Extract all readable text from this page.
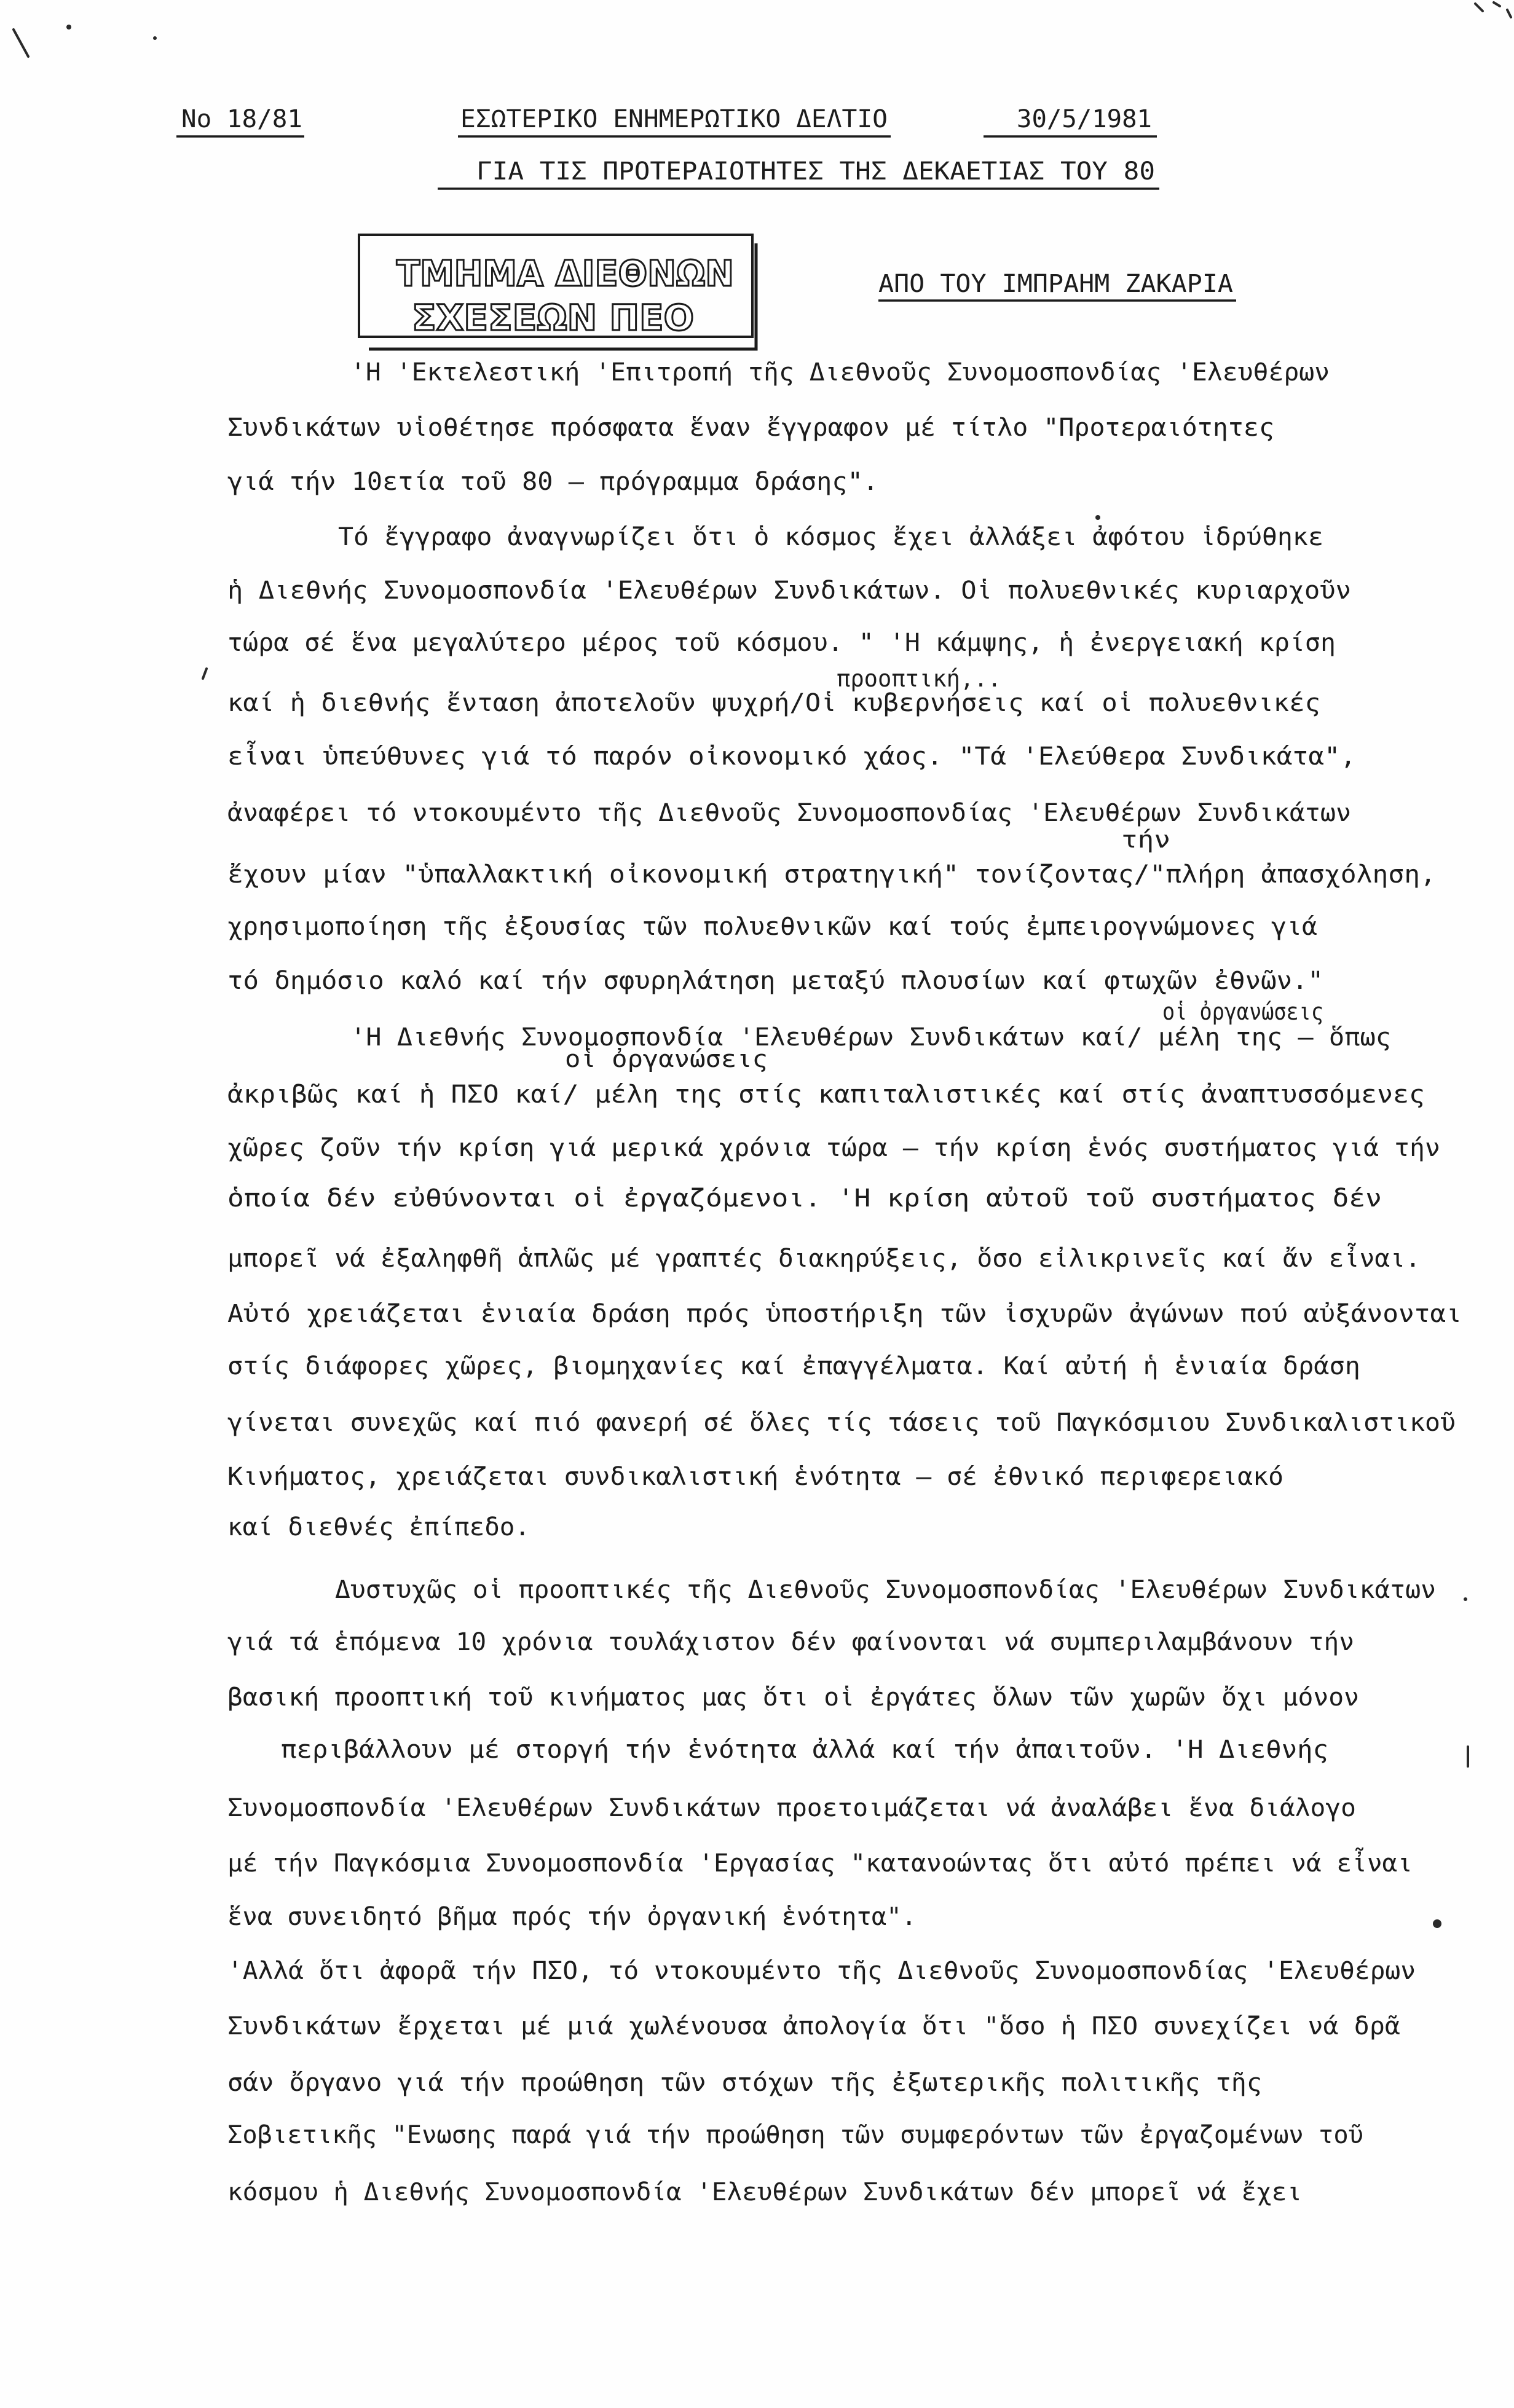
Νο 18/81	ΕΣΩΤΕΡΙΚΟ ΕΝΗΜΕΡΩΤΙΚΟ ΔΕΛΤΙΟ	30/5/1981
ΓΙΑ ΤΙΣ ΠΡΟΤΕΡΑΙΟΤΗΤΕΣ ΤΗΣ ΔΕΚΑΕΤΙΑΣ ΤΟΥ 80
ΤΜΗΜΑ ΔΙΕΘΝΩΝ
ΣΧΕΣΕΩΝ ΠΕΟ
ΑΠΟ ΤΟΥ ΙΜΠΡΑΗΜ ΖΑΚΑΡΙΑ
'Η 'Εκτελεστική 'Επιτροπή τῆς Διεθνοῦς Συνομοσπονδίας 'Ελευθέρων
Συνδικάτων υἱοθέτησε πρόσφατα ἕναν ἔγγραφον μέ τίτλο "Προτεραιότητες
γιά τήν 10ετία τοῦ 80 – πρόγραμμα δράσης".
Τό ἔγγραφο ἀναγνωρίζει ὅτι ὁ κόσμος ἔχει ἀλλάξει ἀφότου ἱδρύθηκε
ἡ Διεθνής Συνομοσπονδία 'Ελευθέρων Συνδικάτων. Οἱ πολυεθνικές κυριαρχοῦν
τώρα σέ ἕνα μεγαλύτερο μέρος τοῦ κόσμου. " 'Η κάμψης, ἡ ἐνεργειακή κρίση
προοπτική,..
καί ἡ διεθνής ἔνταση ἀποτελοῦν ψυχρή/Οἱ κυβερνήσεις καί οἱ πολυεθνικές
εἶναι ὑπεύθυνες γιά τό παρόν οἰκονομικό χάος. "Τά 'Ελεύθερα Συνδικάτα",
ἀναφέρει τό ντοκουμέντο τῆς Διεθνοῦς Συνομοσπονδίας 'Ελευθέρων Συνδικάτων
τήν
ἔχουν μίαν "ὑπαλλακτική οἰκονομική στρατηγική" τονίζοντας/"πλήρη ἀπασχόληση,
χρησιμοποίηση τῆς ἐξουσίας τῶν πολυεθνικῶν καί τούς ἐμπειρογνώμονες γιά
τό δημόσιο καλό καί τήν σφυρηλάτηση μεταξύ πλουσίων καί φτωχῶν ἐθνῶν."
οἱ ὀργανώσεις
'Η Διεθνής Συνομοσπονδία 'Ελευθέρων Συνδικάτων καί/ μέλη της – ὅπως
οἱ ὀργανώσεις
ἀκριβῶς καί ἡ ΠΣΟ καί/ μέλη της στίς καπιταλιστικές καί στίς ἀναπτυσσόμενες
χῶρες ζοῦν τήν κρίση γιά μερικά χρόνια τώρα – τήν κρίση ἑνός συστήματος γιά τήν
ὁποία δέν εὐθύνονται οἱ ἐργαζόμενοι. 'Η κρίση αὐτοῦ τοῦ συστήματος δέν
μπορεῖ νά ἐξαληφθῆ ἁπλῶς μέ γραπτές διακηρύξεις, ὅσο εἰλικρινεῖς καί ἄν εἶναι.
Αὐτό χρειάζεται ἑνιαία δράση πρός ὑποστήριξη τῶν ἰσχυρῶν ἀγώνων πού αὐξάνονται
στίς διάφορες χῶρες, βιομηχανίες καί ἐπαγγέλματα. Καί αὐτή ἡ ἑνιαία δράση
γίνεται συνεχῶς καί πιό φανερή σέ ὅλες τίς τάσεις τοῦ Παγκόσμιου Συνδικαλιστικοῦ
Κινήματος, χρειάζεται συνδικαλιστική ἑνότητα – σέ ἐθνικό περιφερειακό
καί διεθνές ἐπίπεδο.
Δυστυχῶς οἱ προοπτικές τῆς Διεθνοῦς Συνομοσπονδίας 'Ελευθέρων Συνδικάτων
γιά τά ἑπόμενα 10 χρόνια τουλάχιστον δέν φαίνονται νά συμπεριλαμβάνουν τήν
βασική προοπτική τοῦ κινήματος μας ὅτι οἱ ἐργάτες ὅλων τῶν χωρῶν ὄχι μόνον
περιβάλλουν μέ στοργή τήν ἑνότητα ἀλλά καί τήν ἀπαιτοῦν. 'Η Διεθνής
Συνομοσπονδία 'Ελευθέρων Συνδικάτων προετοιμάζεται νά ἀναλάβει ἕνα διάλογο
μέ τήν Παγκόσμια Συνομοσπονδία 'Εργασίας "κατανοώντας ὅτι αὐτό πρέπει νά εἶναι
ἕνα συνειδητό βῆμα πρός τήν ὀργανική ἑνότητα".
'Αλλά ὅτι ἀφορᾶ τήν ΠΣΟ, τό ντοκουμέντο τῆς Διεθνοῦς Συνομοσπονδίας 'Ελευθέρων
Συνδικάτων ἔρχεται μέ μιά χωλένουσα ἀπολογία ὅτι "ὅσο ἡ ΠΣΟ συνεχίζει νά δρᾶ
σάν ὄργανο γιά τήν προώθηση τῶν στόχων τῆς ἐξωτερικῆς πολιτικῆς τῆς
Σοβιετικῆς "Ενωσης παρά γιά τήν προώθηση τῶν συμφερόντων τῶν ἐργαζομένων τοῦ
κόσμου ἡ Διεθνής Συνομοσπονδία 'Ελευθέρων Συνδικάτων δέν μπορεῖ νά ἔχει
